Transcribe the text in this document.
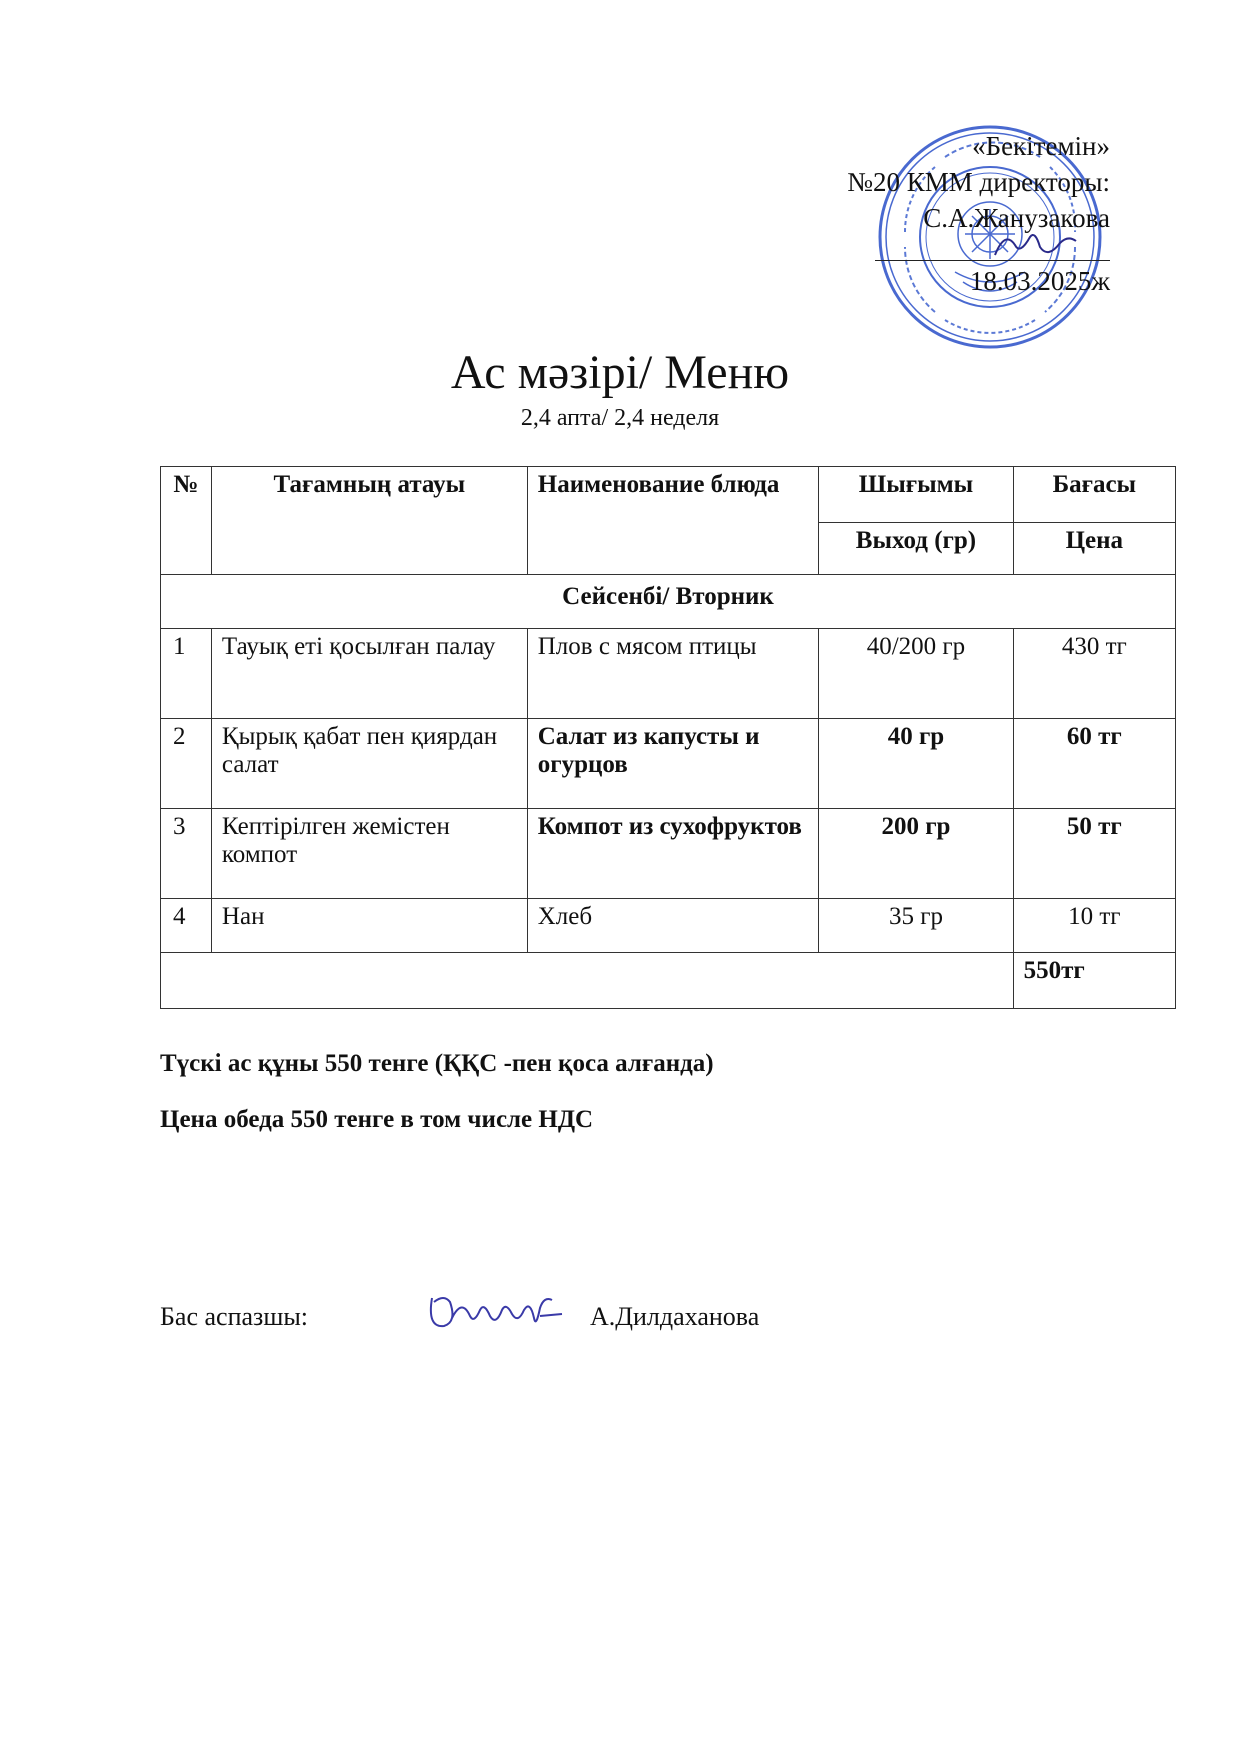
«Бекітемін»
№20 КММ директоры:
С.А.Жанузакова
18.03.2025ж
Ас мәзірі/ Меню
2,4 апта/ 2,4 неделя
№	Тағамның атауы	Наименование блюда	Шығымы	Бағасы
			Выход (гр)	Цена
Сейсенбі/ Вторник				
1	Тауық еті қосылған палау	Плов с мясом птицы	40/200 гр	430 тг
2	Қырық қабат пен қиярдан салат	Салат из капусты и огурцов	40 гр	60 тг
3	Кептірілген жемістен компот	Компот из сухофруктов	200 гр	50 тг
4	Нан	Хлеб	35 гр	10 тг
				550тг
Түскі ас құны 550 тенге (ҚҚС -пен қоса алғанда)
Цена обеда 550 тенге в том числе НДС
Бас аспазшы:	А.Дилдаханова
